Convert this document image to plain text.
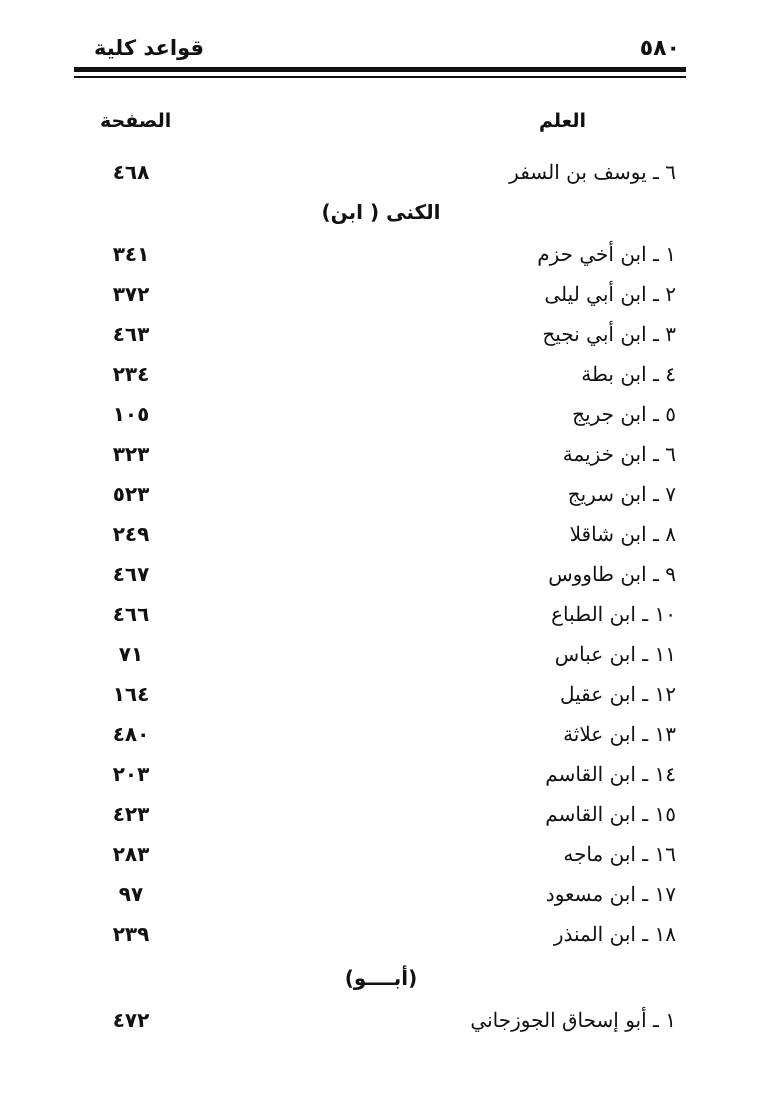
قواعد كلية	٥٨٠
العلم
الصفحة
٦ ـ يوسف بن السفر
٤٦٨
الكنى ( ابن)
١ ـ ابن أخي حزم
٣٤١
٢ ـ ابن أبي ليلى
٣٧٢
٣ ـ ابن أبي نجيح
٤٦٣
٤ ـ ابن بطة
٢٣٤
٥ ـ ابن جريج
١٠٥
٦ ـ ابن خزيمة
٣٢٣
٧ ـ ابن سريج
٥٢٣
٨ ـ ابن شاقلا
٢٤٩
٩ ـ ابن طاووس
٤٦٧
١٠ ـ ابن الطباع
٤٦٦
١١ ـ ابن عباس
٧١
١٢ ـ ابن عقيل
١٦٤
١٣ ـ ابن علاثة
٤٨٠
١٤ ـ ابن القاسم
٢٠٣
١٥ ـ ابن القاسم
٤٢٣
١٦ ـ ابن ماجه
٢٨٣
١٧ ـ ابن مسعود
٩٧
١٨ ـ ابن المنذر
٢٣٩
(أبــــو)
١ ـ أبو إسحاق الجوزجاني
٤٧٢
